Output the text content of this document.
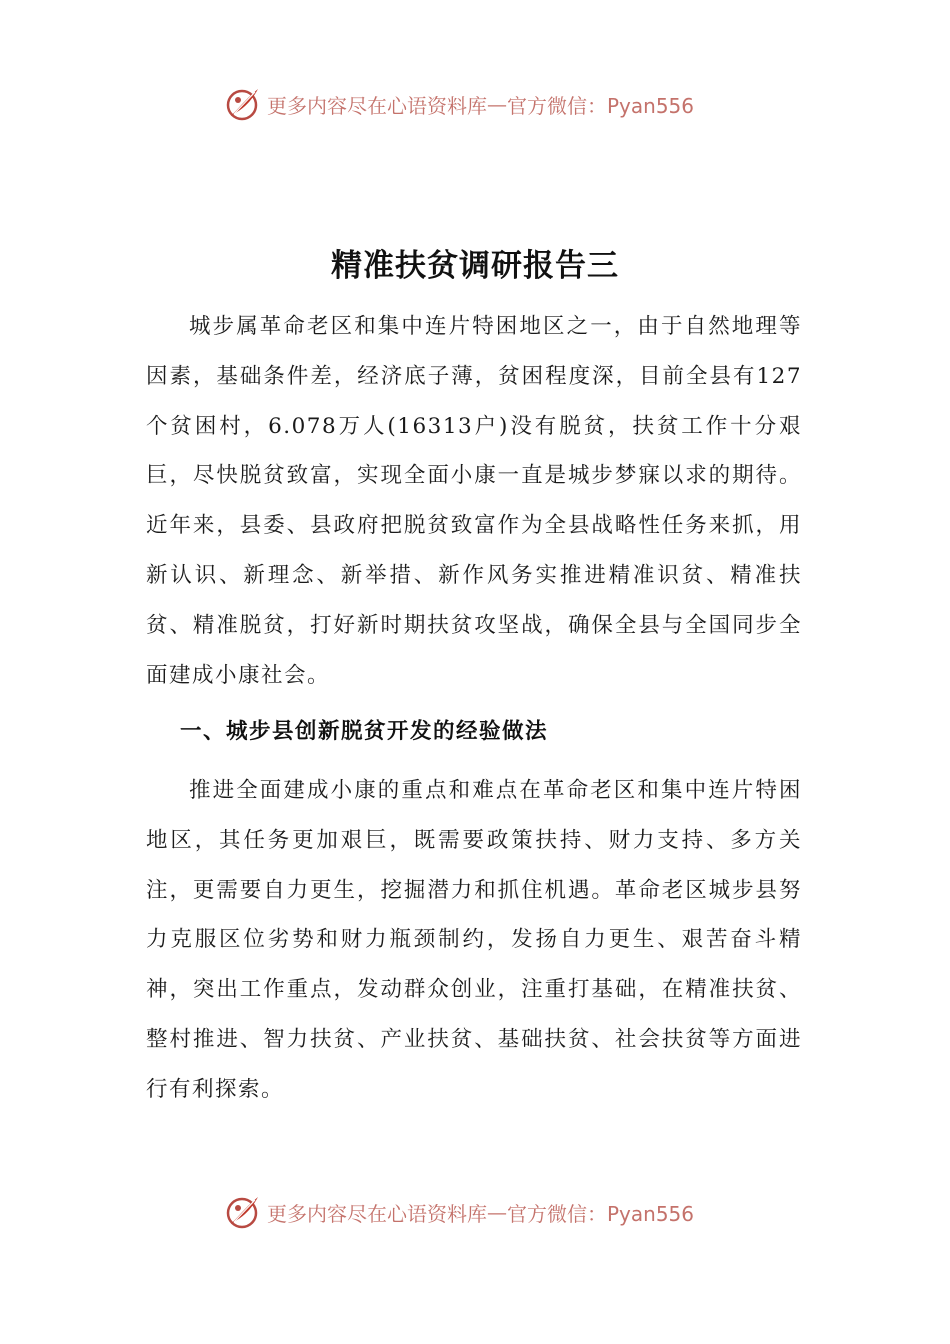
更多内容尽在心语资料库 — 官方微信：Pyan556
精准扶贫调研报告三

城步属革命老区和集中连片特困地区之一，由于自然地理等因素，基础条件差，经济底子薄，贫困程度深，目前全县有127个贫困村，6.078万人(16313户)没有脱贫，扶贫工作十分艰巨，尽快脱贫致富，实现全面小康一直是城步梦寐以求的期待。近年来，县委、县政府把脱贫致富作为全县战略性任务来抓，用新认识、新理念、新举措、新作风务实推进精准识贫、精准扶贫、精准脱贫，打好新时期扶贫攻坚战，确保全县与全国同步全面建成小康社会。

一、城步县创新脱贫开发的经验做法

推进全面建成小康的重点和难点在革命老区和集中连片特困地区，其任务更加艰巨，既需要政策扶持、财力支持、多方关注，更需要自力更生，挖掘潜力和抓住机遇。革命老区城步县努力克服区位劣势和财力瓶颈制约，发扬自力更生、艰苦奋斗精神，突出工作重点，发动群众创业，注重打基础，在精准扶贫、整村推进、智力扶贫、产业扶贫、基础扶贫、社会扶贫等方面进行有利探索。

更多内容尽在心语资料库 — 官方微信：Pyan556
